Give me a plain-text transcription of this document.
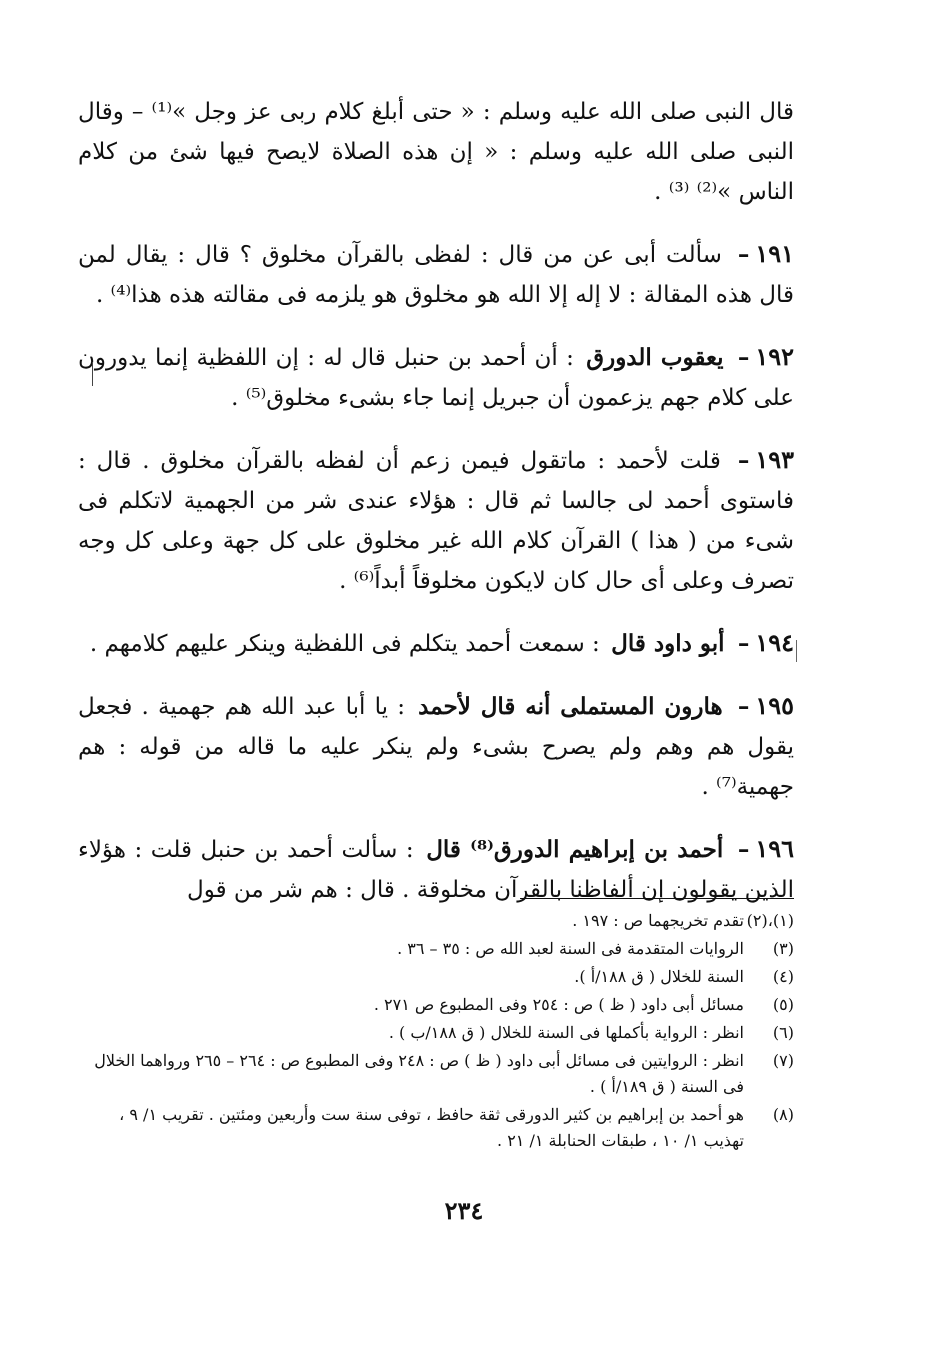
قال النبى صلى الله عليه وسلم : « حتى أبلغ كلام ربى عز وجل »⁽¹⁾ – وقال النبى صلى الله عليه وسلم : « إن هذه الصلاة لايصح فيها شئ من كلام الناس »⁽²⁾ ⁽³⁾ .

١٩١– سألت أبى عن من قال : لفظى بالقرآن مخلوق ؟ قال : يقال لمن قال هذه المقالة : لا إله إلا الله هو مخلوق هو يلزمه فى مقالته هذه هذا⁽⁴⁾ .

١٩٢– يعقوب الدورق : أن أحمد بن حنبل قال له : إن اللفظية إنما يدورون على كلام جهم يزعمون أن جبريل إنما جاء بشىء مخلوق⁽⁵⁾ .

١٩٣– قلت لأحمد : ماتقول فيمن زعم أن لفظه بالقرآن مخلوق . قال : فاستوى أحمد لى جالسا ثم قال : هؤلاء عندى شر من الجهمية لاتكلم فى شىء من ( هذا ) القرآن كلام الله غير مخلوق على كل جهة وعلى كل وجه تصرف وعلى أى حال كان لايكون مخلوقاً أبداً⁽⁶⁾ .

١٩٤– أبو داود قال : سمعت أحمد يتكلم فى اللفظية وينكر عليهم كلامهم .

١٩٥– هارون المستملى أنه قال لأحمد : يا أبا عبد الله هم جهمية . فجعل يقول هم وهم ولم يصرح بشىء ولم ينكر عليه ما قاله من قوله : هم جهمية⁽⁷⁾ .

١٩٦– أحمد بن إبراهيم الدورق⁽⁸⁾ قال : سألت أحمد بن حنبل قلت : هؤلاء الذين يقولون إن ألفاظنا بالقرآن مخلوقة . قال : هم شر من قول

(١)،(٢)
تقدم تخريجهما ص : ١٩٧ .
(٣)
الروايات المتقدمة فى السنة لعبد الله ص : ٣٥ – ٣٦ .
(٤)
السنة للخلال ( ق ١٨٨/أ ).
(٥)
مسائل أبى داود ( ظ ) ص : ٢٥٤ وفى المطبوع ص ٢٧١ .
(٦)
انظر : الرواية بأكملها فى السنة للخلال ( ق ١٨٨/ب ) .
(٧)
انظر : الروايتين فى مسائل أبى داود ( ظ ) ص : ٢٤٨ وفى المطبوع ص : ٢٦٤ – ٢٦٥ ورواهما الخلال فى السنة ( ق ١٨٩/أ ) .
(٨)
هو أحمد بن إبراهيم بن كثير الدورقى ثقة حافظ ، توفى سنة ست وأربعين ومئتين . تقريب ١/ ٩ ، تهذيب ١/ ١٠ ، طبقات الحنابلة ١/ ٢١ .
٢٣٤
